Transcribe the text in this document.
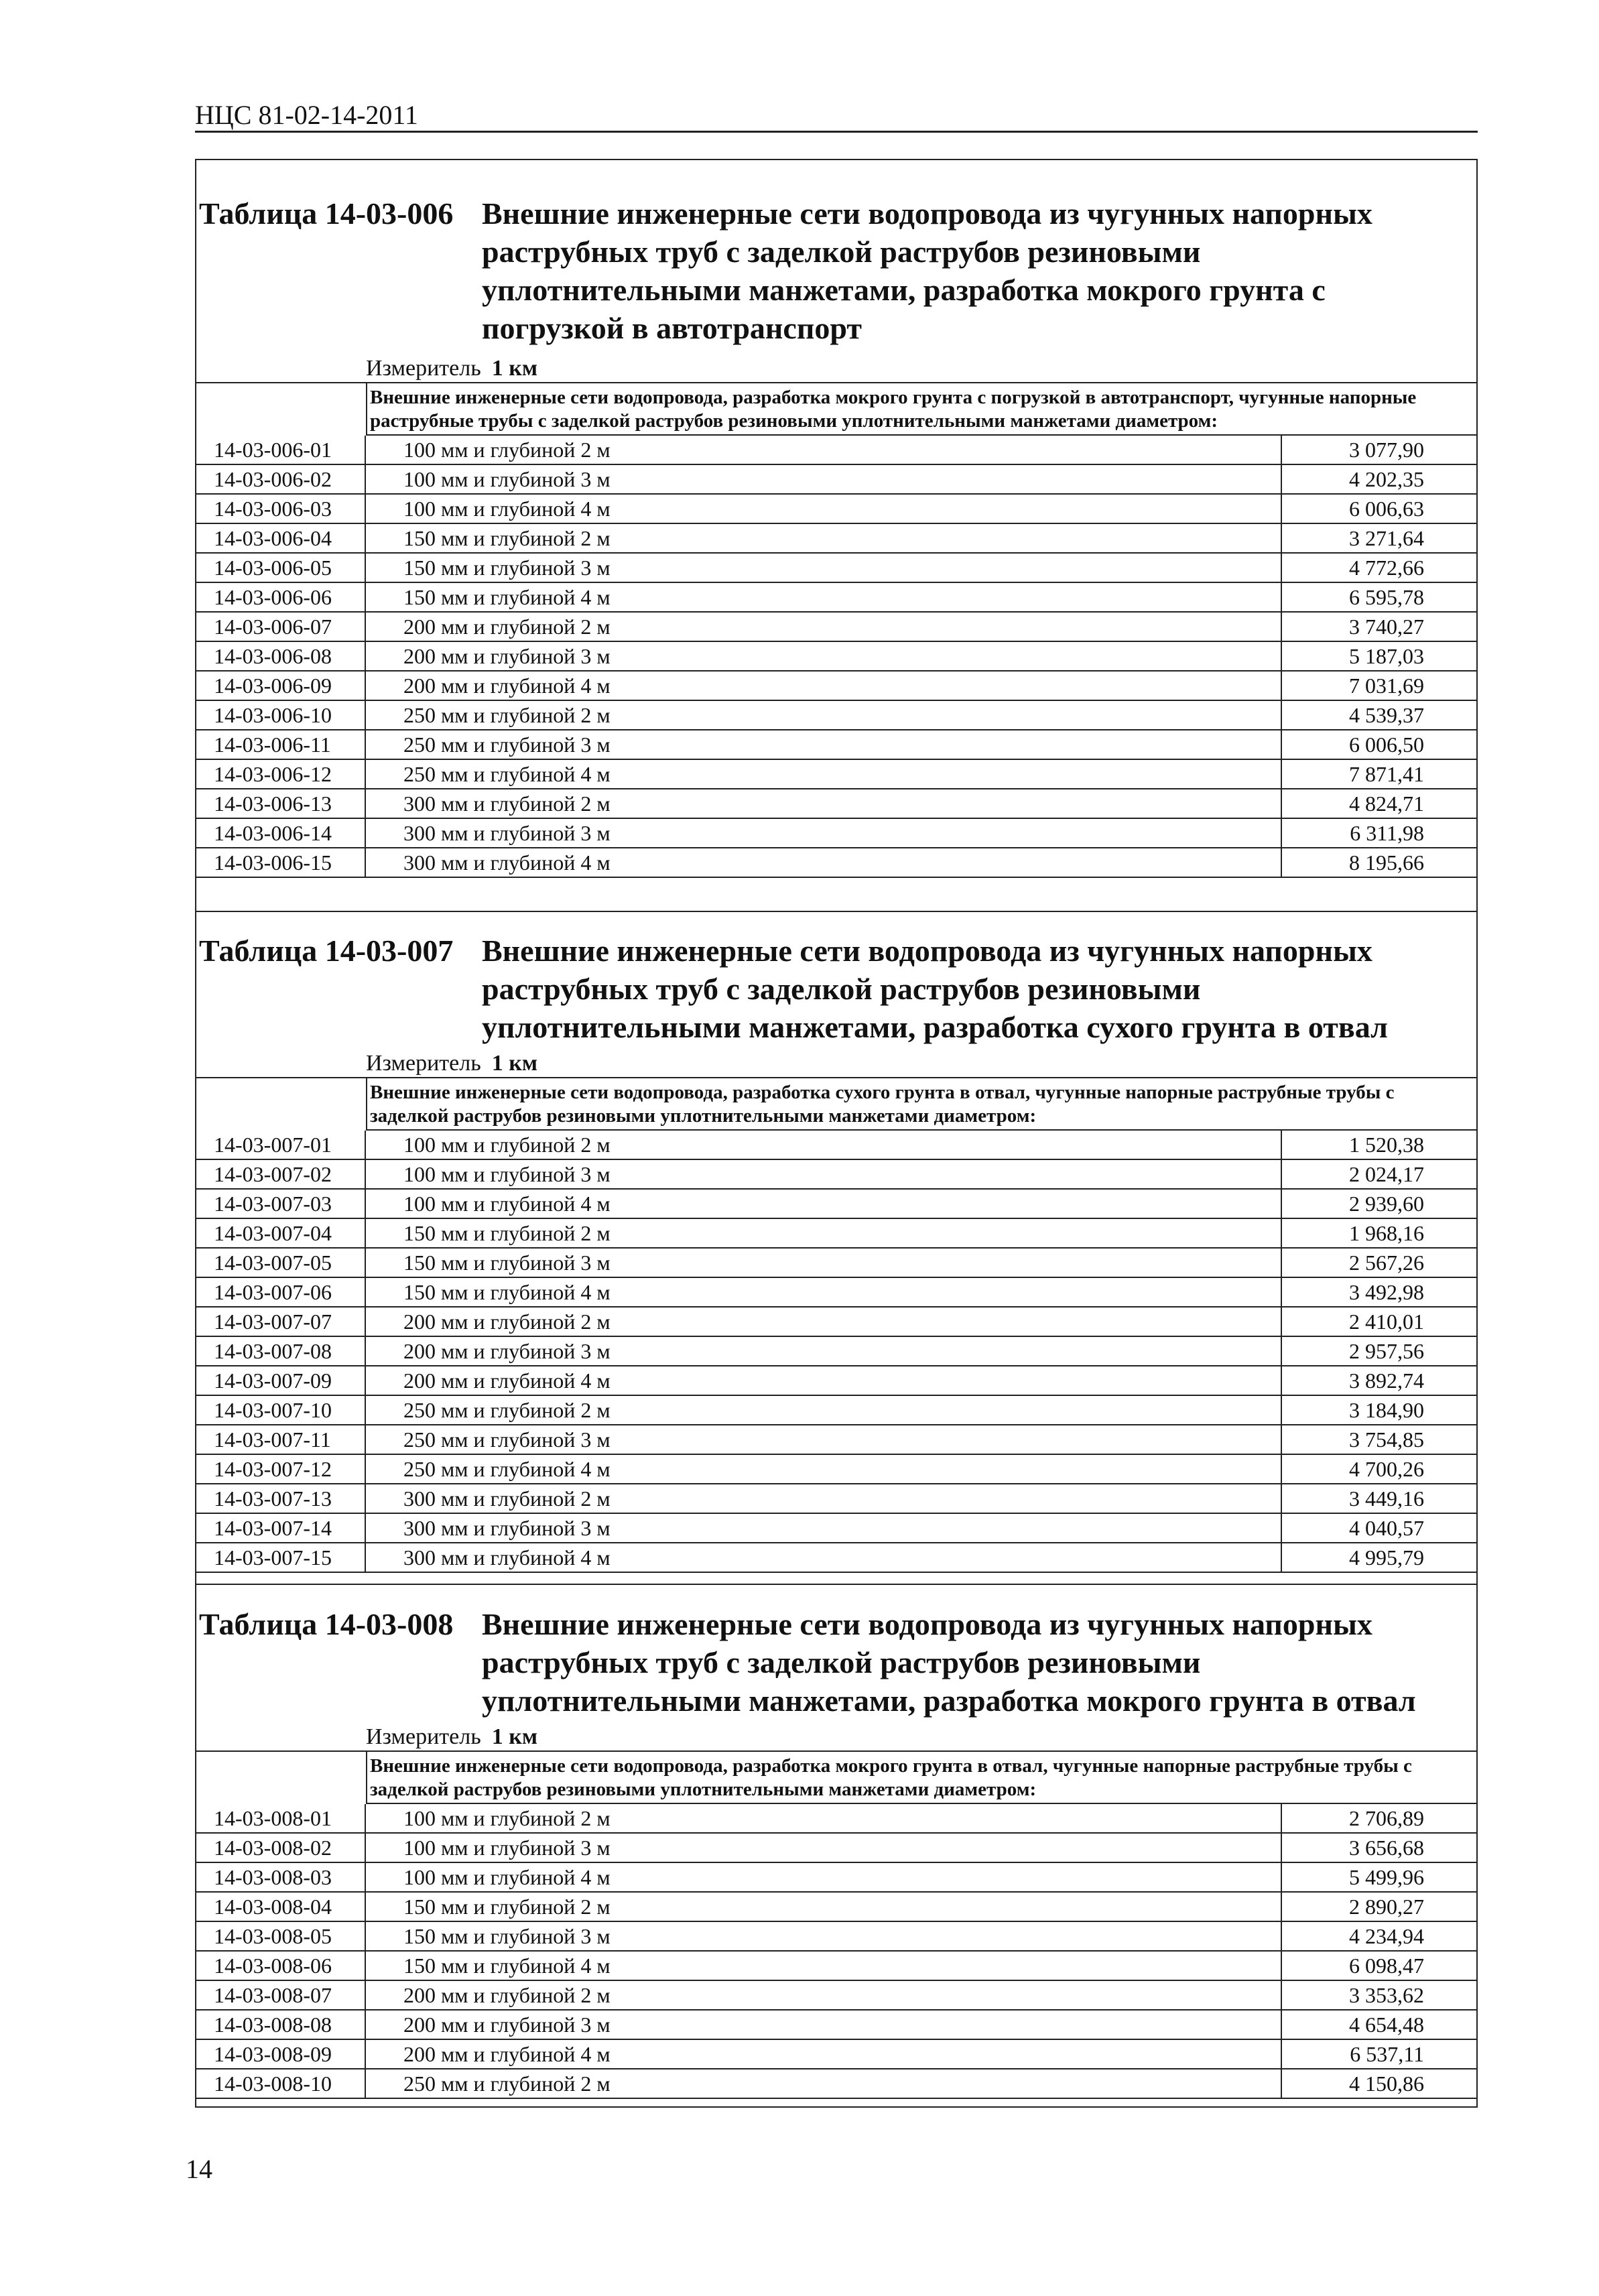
НЦС 81-02-14-2011
Таблица 14-03-006 Внешние инженерные сети водопровода из чугунных напорных
раструбных труб с заделкой раструбов резиновыми
уплотнительными манжетами, разработка мокрого грунта с
погрузкой в автотранспорт
Измеритель 1 км
Внешние инженерные сети водопровода, разработка мокрого грунта с погрузкой в автотранспорт, чугунные напорные раструбные трубы с заделкой раструбов резиновыми уплотнительными манжетами диаметром:
14-03-006-01	100 мм и глубиной 2 м	3 077,90
14-03-006-02	100 мм и глубиной 3 м	4 202,35
14-03-006-03	100 мм и глубиной 4 м	6 006,63
14-03-006-04	150 мм и глубиной 2 м	3 271,64
14-03-006-05	150 мм и глубиной 3 м	4 772,66
14-03-006-06	150 мм и глубиной 4 м	6 595,78
14-03-006-07	200 мм и глубиной 2 м	3 740,27
14-03-006-08	200 мм и глубиной 3 м	5 187,03
14-03-006-09	200 мм и глубиной 4 м	7 031,69
14-03-006-10	250 мм и глубиной 2 м	4 539,37
14-03-006-11	250 мм и глубиной 3 м	6 006,50
14-03-006-12	250 мм и глубиной 4 м	7 871,41
14-03-006-13	300 мм и глубиной 2 м	4 824,71
14-03-006-14	300 мм и глубиной 3 м	6 311,98
14-03-006-15	300 мм и глубиной 4 м	8 195,66
Таблица 14-03-007 Внешние инженерные сети водопровода из чугунных напорных
раструбных труб с заделкой раструбов резиновыми
уплотнительными манжетами, разработка сухого грунта в отвал
Измеритель 1 км
Внешние инженерные сети водопровода, разработка сухого грунта в отвал, чугунные напорные раструбные трубы с заделкой раструбов резиновыми уплотнительными манжетами диаметром:
14-03-007-01	100 мм и глубиной 2 м	1 520,38
14-03-007-02	100 мм и глубиной 3 м	2 024,17
14-03-007-03	100 мм и глубиной 4 м	2 939,60
14-03-007-04	150 мм и глубиной 2 м	1 968,16
14-03-007-05	150 мм и глубиной 3 м	2 567,26
14-03-007-06	150 мм и глубиной 4 м	3 492,98
14-03-007-07	200 мм и глубиной 2 м	2 410,01
14-03-007-08	200 мм и глубиной 3 м	2 957,56
14-03-007-09	200 мм и глубиной 4 м	3 892,74
14-03-007-10	250 мм и глубиной 2 м	3 184,90
14-03-007-11	250 мм и глубиной 3 м	3 754,85
14-03-007-12	250 мм и глубиной 4 м	4 700,26
14-03-007-13	300 мм и глубиной 2 м	3 449,16
14-03-007-14	300 мм и глубиной 3 м	4 040,57
14-03-007-15	300 мм и глубиной 4 м	4 995,79
Таблица 14-03-008 Внешние инженерные сети водопровода из чугунных напорных
раструбных труб с заделкой раструбов резиновыми
уплотнительными манжетами, разработка мокрого грунта в отвал
Измеритель 1 км
Внешние инженерные сети водопровода, разработка мокрого грунта в отвал, чугунные напорные раструбные трубы с заделкой раструбов резиновыми уплотнительными манжетами диаметром:
14-03-008-01	100 мм и глубиной 2 м	2 706,89
14-03-008-02	100 мм и глубиной 3 м	3 656,68
14-03-008-03	100 мм и глубиной 4 м	5 499,96
14-03-008-04	150 мм и глубиной 2 м	2 890,27
14-03-008-05	150 мм и глубиной 3 м	4 234,94
14-03-008-06	150 мм и глубиной 4 м	6 098,47
14-03-008-07	200 мм и глубиной 2 м	3 353,62
14-03-008-08	200 мм и глубиной 3 м	4 654,48
14-03-008-09	200 мм и глубиной 4 м	6 537,11
14-03-008-10	250 мм и глубиной 2 м	4 150,86
14
